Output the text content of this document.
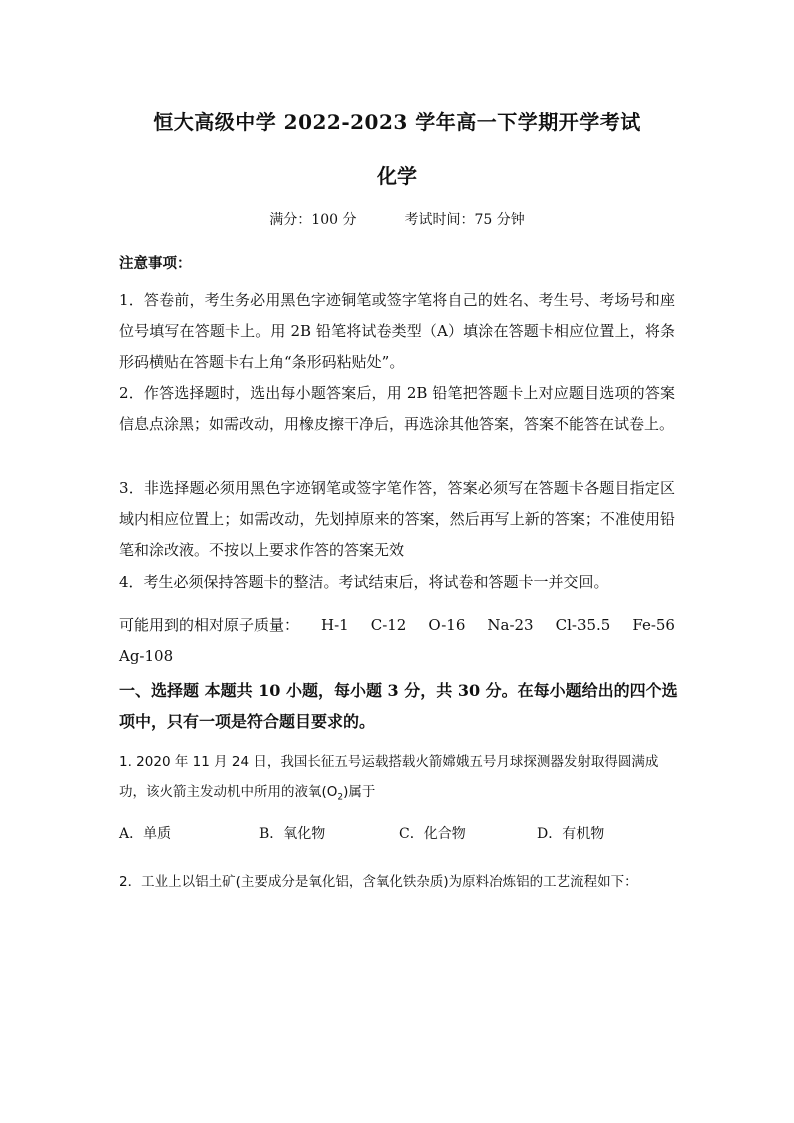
恒大高级中学 2022-2023 学年高一下学期开学考试
化学
满分：100 分	考试时间：75 分钟
注意事项：
1．答卷前，考生务必用黑色字迹铜笔或签字笔将自己的姓名、考生号、考场号和座位号填写在答题卡上。用 2B 铅笔将试卷类型（A）填涂在答题卡相应位置上，将条形码横贴在答题卡右上角“条形码粘贴处”。
2．作答选择题时，选出每小题答案后，用 2B 铅笔把答题卡上对应题目选项的答案信息点涂黑；如需改动，用橡皮擦干净后，再选涂其他答案，答案不能答在试卷上。
3．非选择题必须用黑色字迹钢笔或签字笔作答，答案必须写在答题卡各题目指定区域内相应位置上；如需改动，先划掉原来的答案，然后再写上新的答案；不准使用铅笔和涂改液。不按以上要求作答的答案无效
4．考生必须保持答题卡的整洁。考试结束后，将试卷和答题卡一并交回。
可能用到的相对原子质量： H-1 C-12 O-16 Na-23 Cl-35.5 Fe-56
Ag-108
一、选择题 本题共 10 小题，每小题 3 分，共 30 分。在每小题给出的四个选项中，只有一项是符合题目要求的。
1. 2020 年 11 月 24 日，我国长征五号运载搭载火箭嫦娥五号月球探测器发射取得圆满成功，该火箭主发动机中所用的液氧$(O_2)$属于
A．单质	B．氧化物	C．化合物	D．有机物
2．工业上以铝土矿(主要成分是氧化铝，含氧化铁杂质)为原料冶炼铝的工艺流程如下：
